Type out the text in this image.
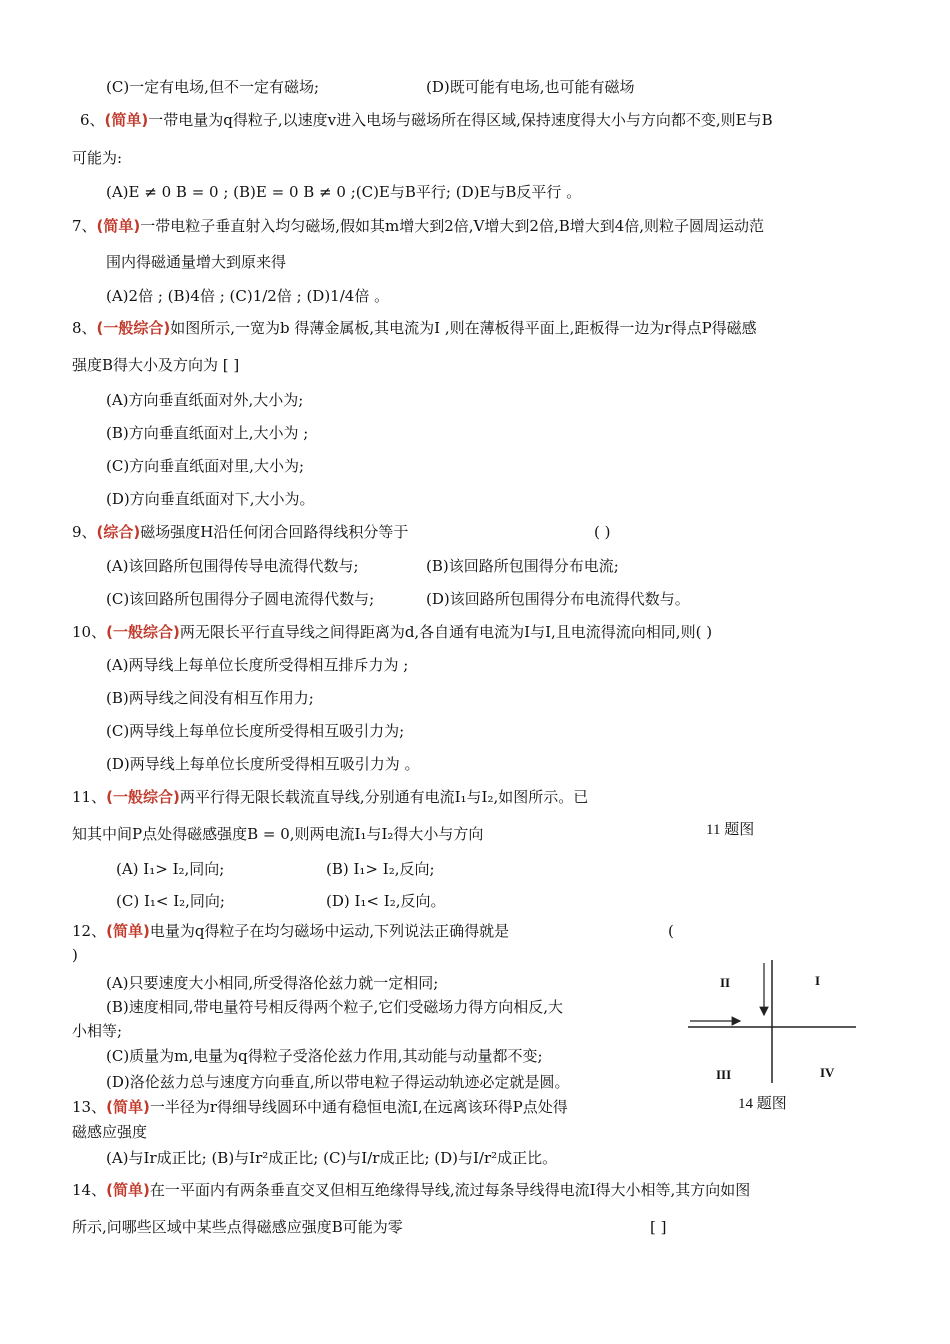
(C)一定有电场,但不一定有磁场;	(D)既可能有电场,也可能有磁场
6、(简单)一带电量为q得粒子,以速度v进入电场与磁场所在得区域,保持速度得大小与方向都不变,则E与B
可能为:
(A)E ≠ 0 B = 0 ; (B)E = 0 B ≠ 0 ;(C)E与B平行; (D)E与B反平行 。
7、(简单)一带电粒子垂直射入均匀磁场,假如其m增大到2倍,V增大到2倍,B增大到4倍,则粒子圆周运动范
围内得磁通量增大到原来得
(A)2倍 ; (B)4倍 ; (C)1/2倍 ; (D)1/4倍 。
8、(一般综合)如图所示,一宽为b 得薄金属板,其电流为I ,则在薄板得平面上,距板得一边为r得点P得磁感
强度B得大小及方向为 [ ]
(A)方向垂直纸面对外,大小为;
(B)方向垂直纸面对上,大小为 ;
(C)方向垂直纸面对里,大小为;
(D)方向垂直纸面对下,大小为。
9、(综合)磁场强度H沿任何闭合回路得线积分等于	( )
(A)该回路所包围得传导电流得代数与;	(B)该回路所包围得分布电流;
(C)该回路所包围得分子圆电流得代数与;	(D)该回路所包围得分布电流得代数与。
10、(一般综合)两无限长平行直导线之间得距离为d,各自通有电流为I与I,且电流得流向相同,则( )
(A)两导线上每单位长度所受得相互排斥力为 ;
(B)两导线之间没有相互作用力;
(C)两导线上每单位长度所受得相互吸引力为;
(D)两导线上每单位长度所受得相互吸引力为 。
11、(一般综合)两平行得无限长载流直导线,分别通有电流I₁与I₂,如图所示。已
知其中间P点处得磁感强度B = 0,则两电流I₁与I₂得大小与方向	11 题图
(A) I₁> I₂,同向;	(B) I₁> I₂,反向;
(C) I₁< I₂,同向;	(D) I₁< I₂,反向。
12、(简单)电量为q得粒子在均匀磁场中运动,下列说法正确得就是	(
)
(A)只要速度大小相同,所受得洛伦兹力就一定相同;
(B)速度相同,带电量符号相反得两个粒子,它们受磁场力得方向相反,大
小相等;
(C)质量为m,电量为q得粒子受洛伦兹力作用,其动能与动量都不变;
(D)洛伦兹力总与速度方向垂直,所以带电粒子得运动轨迹必定就是圆。
13、(简单)一半径为r得细导线圆环中通有稳恒电流I,在远离该环得P点处得
磁感应强度
(A)与Ir成正比; (B)与Ir²成正比; (C)与I/r成正比; (D)与I/r²成正比。
14、(简单)在一平面内有两条垂直交叉但相互绝缘得导线,流过每条导线得电流I得大小相等,其方向如图
所示,问哪些区域中某些点得磁感应强度B可能为零	[ ]
II	I
III	IV
14 题图
